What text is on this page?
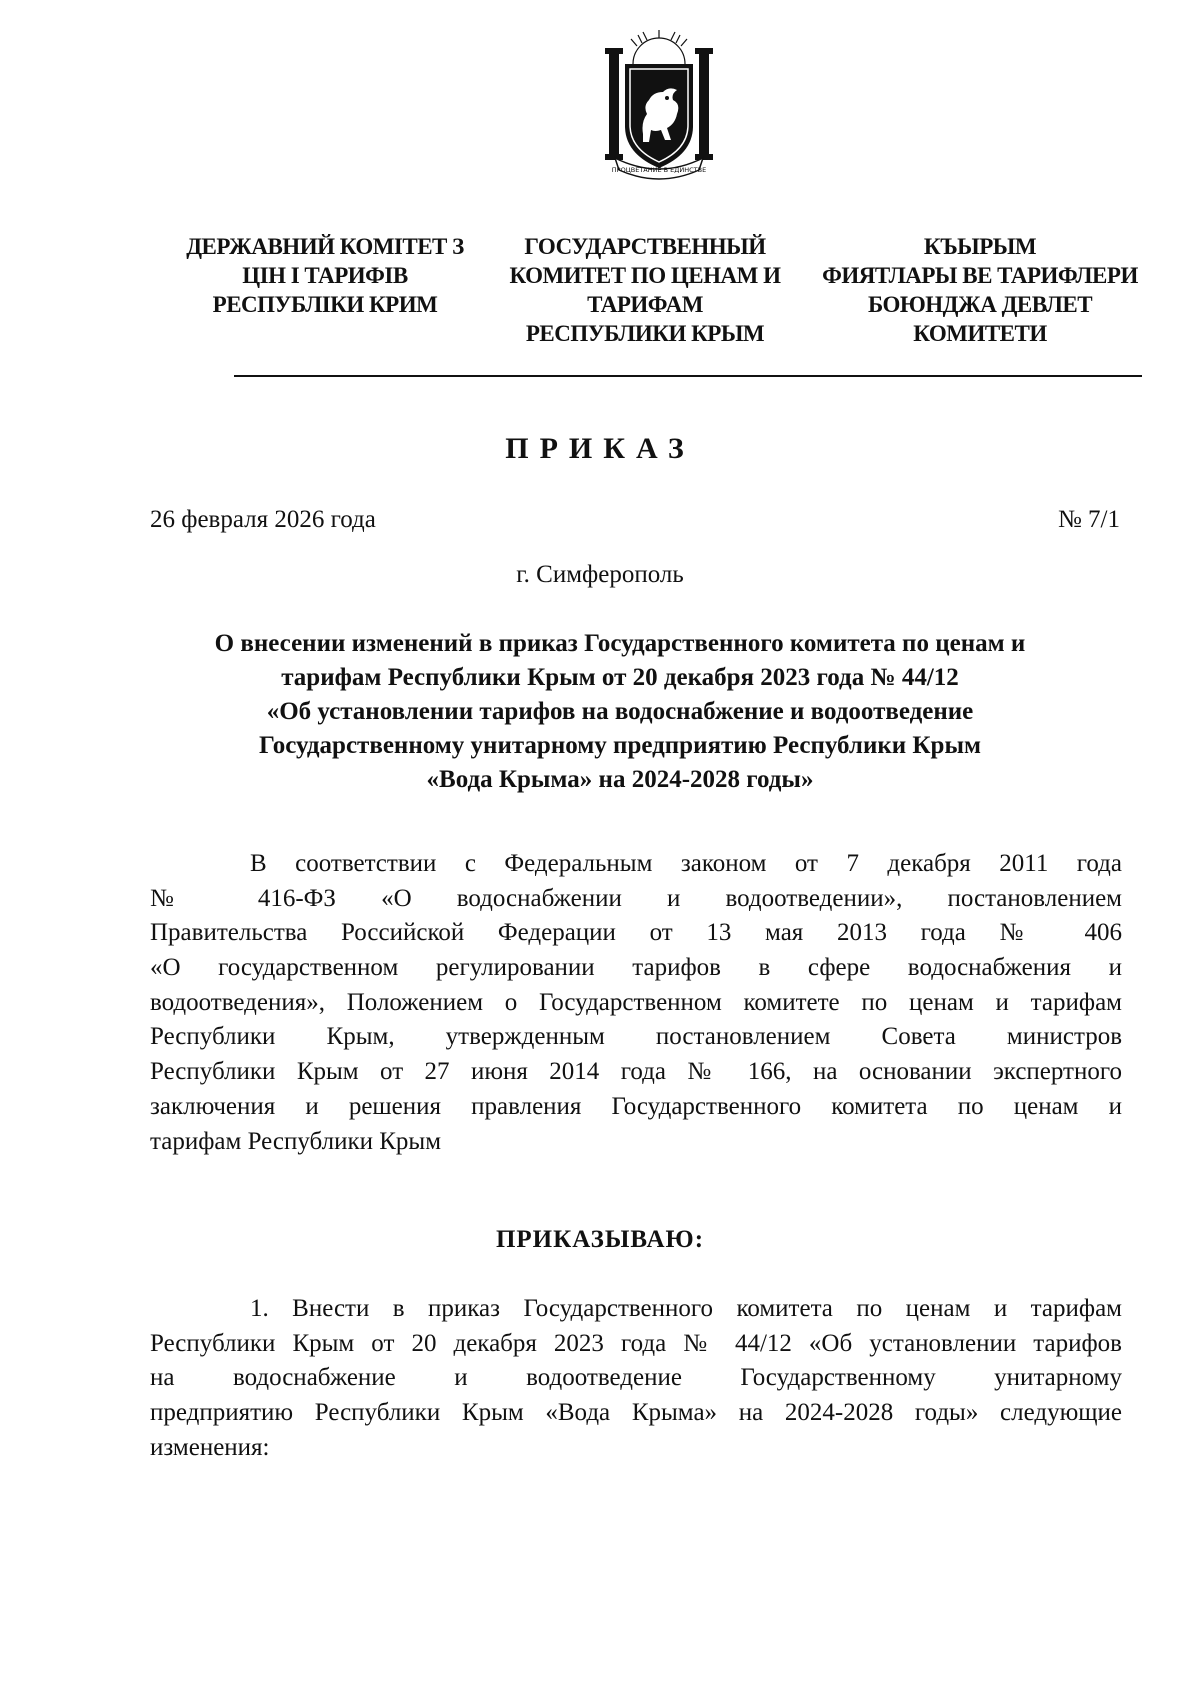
ПРОЦВЕТАНИЕ В ЕДИНСТВЕ
ДЕРЖАВНИЙ КОМІТЕТ З
ЦІН І ТАРИФІВ
РЕСПУБЛІКИ КРИМ
ГОСУДАРСТВЕННЫЙ
КОМИТЕТ ПО ЦЕНАМ И
ТАРИФАМ
РЕСПУБЛИКИ КРЫМ
КЪЫРЫМ
ФИЯТЛАРЫ ВЕ ТАРИФЛЕРИ
БОЮНДЖА ДЕВЛЕТ
КОМИТЕТИ
ПРИКАЗ
26 февраля 2026 года	№ 7/1
г. Симферополь
О внесении изменений в приказ Государственного комитета по ценам и
тарифам Республики Крым от 20 декабря 2023 года № 44/12
«Об установлении тарифов на водоснабжение и водоотведение
Государственному унитарному предприятию Республики Крым
«Вода Крыма» на 2024-2028 годы»
В соответствии с Федеральным законом от 7 декабря 2011 года
№ 416-ФЗ «О водоснабжении и водоотведении», постановлением
Правительства Российской Федерации от 13 мая 2013 года № 406
«О государственном регулировании тарифов в сфере водоснабжения и
водоотведения», Положением о Государственном комитете по ценам и тарифам
Республики Крым, утвержденным постановлением Совета министров
Республики Крым от 27 июня 2014 года № 166, на основании экспертного
заключения и решения правления Государственного комитета по ценам и
тарифам Республики Крым
ПРИКАЗЫВАЮ:
1. Внести в приказ Государственного комитета по ценам и тарифам
Республики Крым от 20 декабря 2023 года № 44/12 «Об установлении тарифов
на водоснабжение и водоотведение Государственному унитарному
предприятию Республики Крым «Вода Крыма» на 2024-2028 годы» следующие
изменения:
